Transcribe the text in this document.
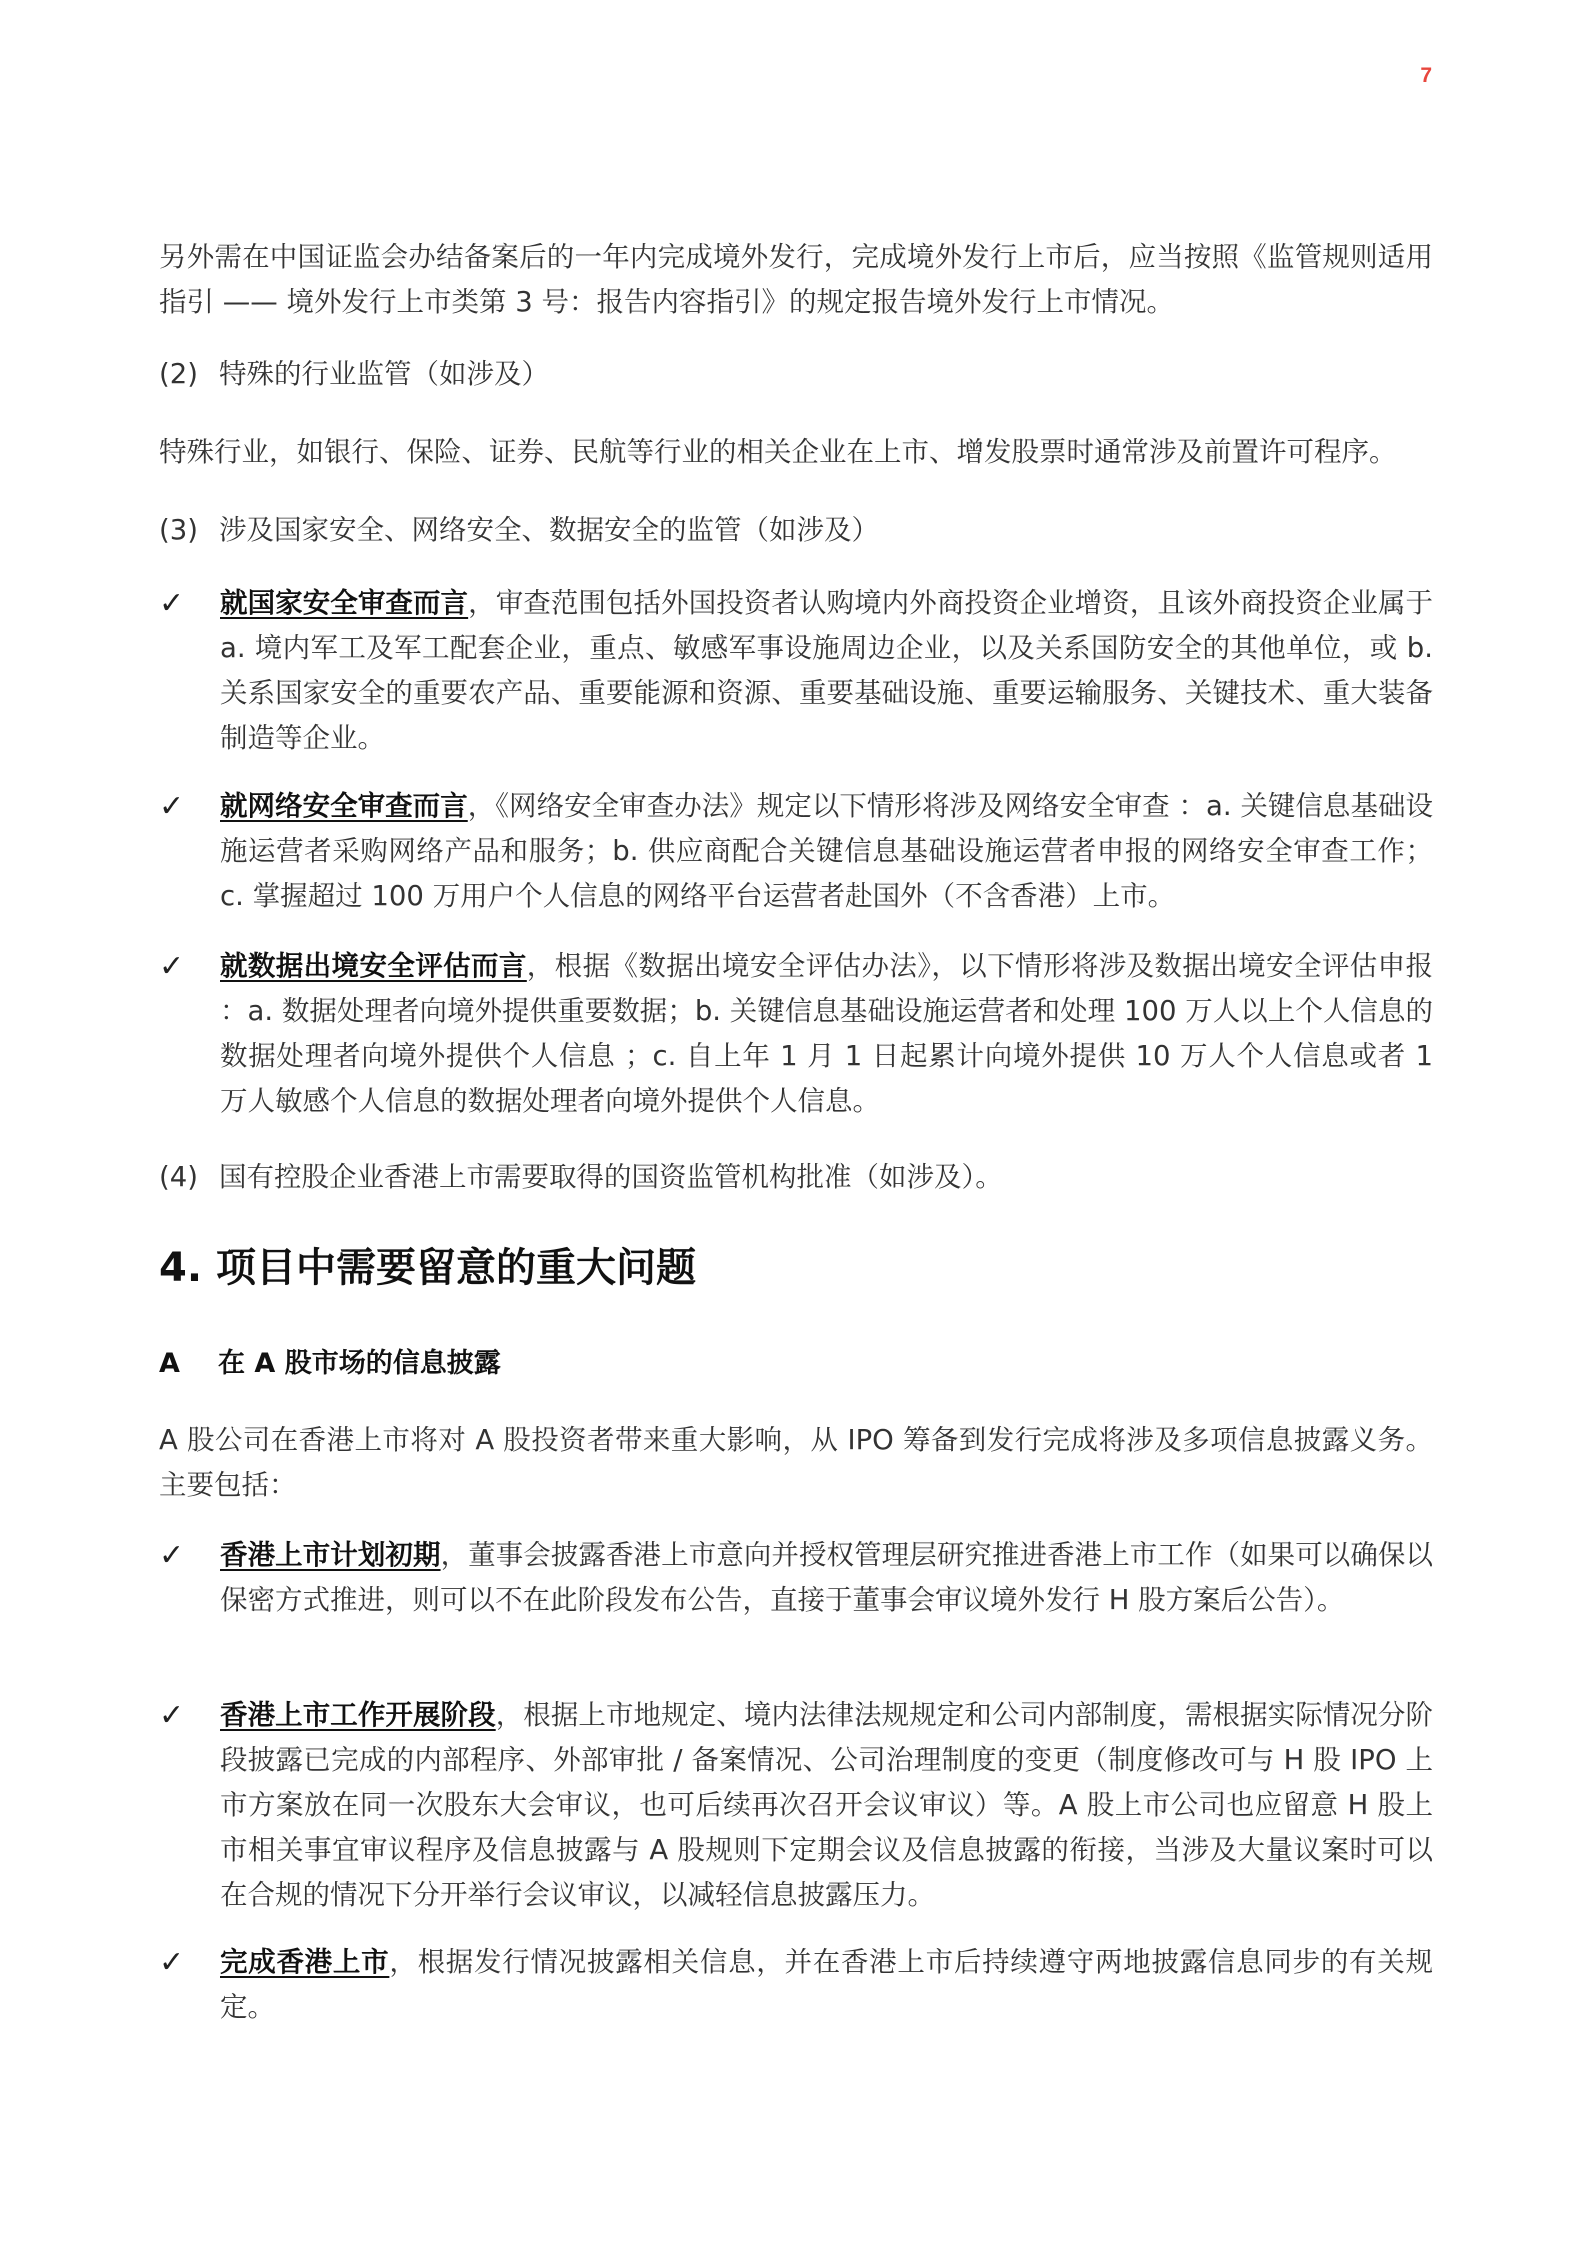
7
另外需在中国证监会办结备案后的一年内完成境外发行，完成境外发行上市后，应当按照《监管规则适用指引 —— 境外发行上市类第 3 号：报告内容指引》的规定报告境外发行上市情况。
(2) 特殊的行业监管（如涉及）
特殊行业，如银行、保险、证券、民航等行业的相关企业在上市、增发股票时通常涉及前置许可程序。
(3) 涉及国家安全、网络安全、数据安全的监管（如涉及）
✓	就国家安全审查而言，审查范围包括外国投资者认购境内外商投资企业增资，且该外商投资企业属于 a. 境内军工及军工配套企业，重点、敏感军事设施周边企业，以及关系国防安全的其他单位，或 b. 关系国家安全的重要农产品、重要能源和资源、重要基础设施、重要运输服务、关键技术、重大装备制造等企业。
✓	就网络安全审查而言，《网络安全审查办法》规定以下情形将涉及网络安全审查 ：a. 关键信息基础设施运营者采购网络产品和服务；b. 供应商配合关键信息基础设施运营者申报的网络安全审查工作；c. 掌握超过 100 万用户个人信息的网络平台运营者赴国外（不含香港）上市。
✓	就数据出境安全评估而言，根据《数据出境安全评估办法》，以下情形将涉及数据出境安全评估申报 ：a. 数据处理者向境外提供重要数据；b. 关键信息基础设施运营者和处理 100 万人以上个人信息的数据处理者向境外提供个人信息 ；c. 自上年 1 月 1 日起累计向境外提供 10 万人个人信息或者 1 万人敏感个人信息的数据处理者向境外提供个人信息。
(4) 国有控股企业香港上市需要取得的国资监管机构批准（如涉及）。
4. 项目中需要留意的重大问题
A 在 A 股市场的信息披露
A 股公司在香港上市将对 A 股投资者带来重大影响，从 IPO 筹备到发行完成将涉及多项信息披露义务。主要包括：
✓	香港上市计划初期，董事会披露香港上市意向并授权管理层研究推进香港上市工作（如果可以确保以保密方式推进，则可以不在此阶段发布公告，直接于董事会审议境外发行 H 股方案后公告）。
✓	香港上市工作开展阶段，根据上市地规定、境内法律法规规定和公司内部制度，需根据实际情况分阶段披露已完成的内部程序、外部审批 / 备案情况、公司治理制度的变更（制度修改可与 H 股 IPO 上市方案放在同一次股东大会审议，也可后续再次召开会议审议）等。A 股上市公司也应留意 H 股上市相关事宜审议程序及信息披露与 A 股规则下定期会议及信息披露的衔接，当涉及大量议案时可以在合规的情况下分开举行会议审议，以减轻信息披露压力。
✓	完成香港上市，根据发行情况披露相关信息，并在香港上市后持续遵守两地披露信息同步的有关规定。
